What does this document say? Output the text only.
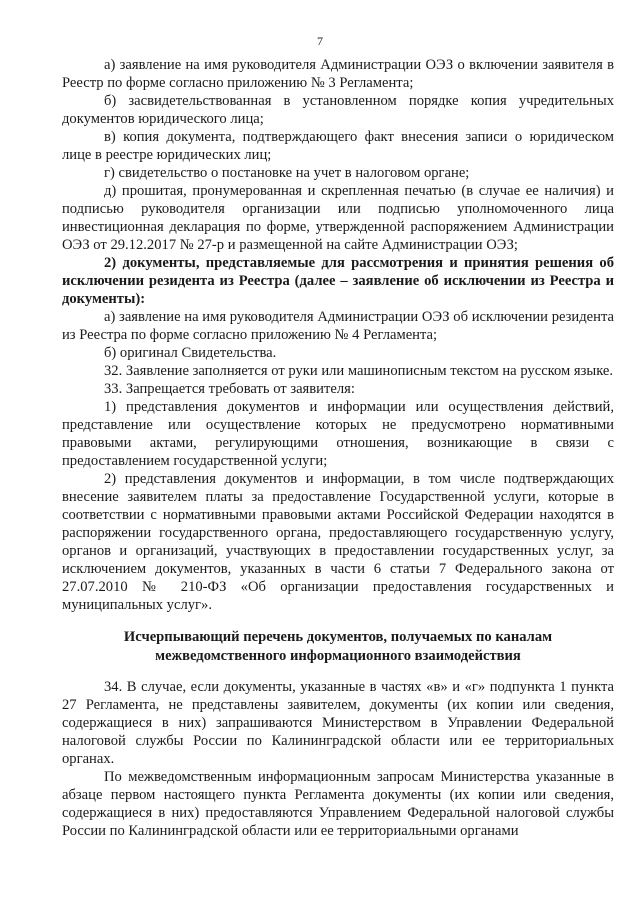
7

а) заявление на имя руководителя Администрации ОЭЗ о включении заявителя в Реестр по форме согласно приложению № 3 Регламента;

б) засвидетельствованная в установленном порядке копия учредительных документов юридического лица;

в) копия документа, подтверждающего факт внесения записи о юридическом лице в реестре юридических лиц;

г) свидетельство о постановке на учет в налоговом органе;

д) прошитая, пронумерованная и скрепленная печатью (в случае ее наличия) и подписью руководителя организации или подписью уполномоченного лица инвестиционная декларация по форме, утвержденной распоряжением Администрации ОЭЗ от 29.12.2017 № 27-р и размещенной на сайте Администрации ОЭЗ;

2) документы, представляемые для рассмотрения и принятия решения об исключении резидента из Реестра (далее – заявление об исключении из Реестра и документы):

а) заявление на имя руководителя Администрации ОЭЗ об исключении резидента из Реестра по форме согласно приложению № 4 Регламента;

б) оригинал Свидетельства.

32. Заявление заполняется от руки или машинописным текстом на русском языке.

33. Запрещается требовать от заявителя:

1) представления документов и информации или осуществления действий, представление или осуществление которых не предусмотрено нормативными правовыми актами, регулирующими отношения, возникающие в связи с предоставлением государственной услуги;

2) представления документов и информации, в том числе подтверждающих внесение заявителем платы за предоставление Государственной услуги, которые в соответствии с нормативными правовыми актами Российской Федерации находятся в распоряжении государственного органа, предоставляющего государственную услугу, органов и организаций, участвующих в предоставлении государственных услуг, за исключением документов, указанных в части 6 статьи 7 Федерального закона от 27.07.2010 № 210-ФЗ «Об организации предоставления государственных и муниципальных услуг».

Исчерпывающий перечень документов, получаемых по каналам
межведомственного информационного взаимодействия

34. В случае, если документы, указанные в частях «в» и «г» подпункта 1 пункта 27 Регламента, не представлены заявителем, документы (их копии или сведения, содержащиеся в них) запрашиваются Министерством в Управлении Федеральной налоговой службы России по Калининградской области или ее территориальных органах.

По межведомственным информационным запросам Министерства указанные в абзаце первом настоящего пункта Регламента документы (их копии или сведения, содержащиеся в них) предоставляются Управлением Федеральной налоговой службы России по Калининградской области или ее территориальными органами
